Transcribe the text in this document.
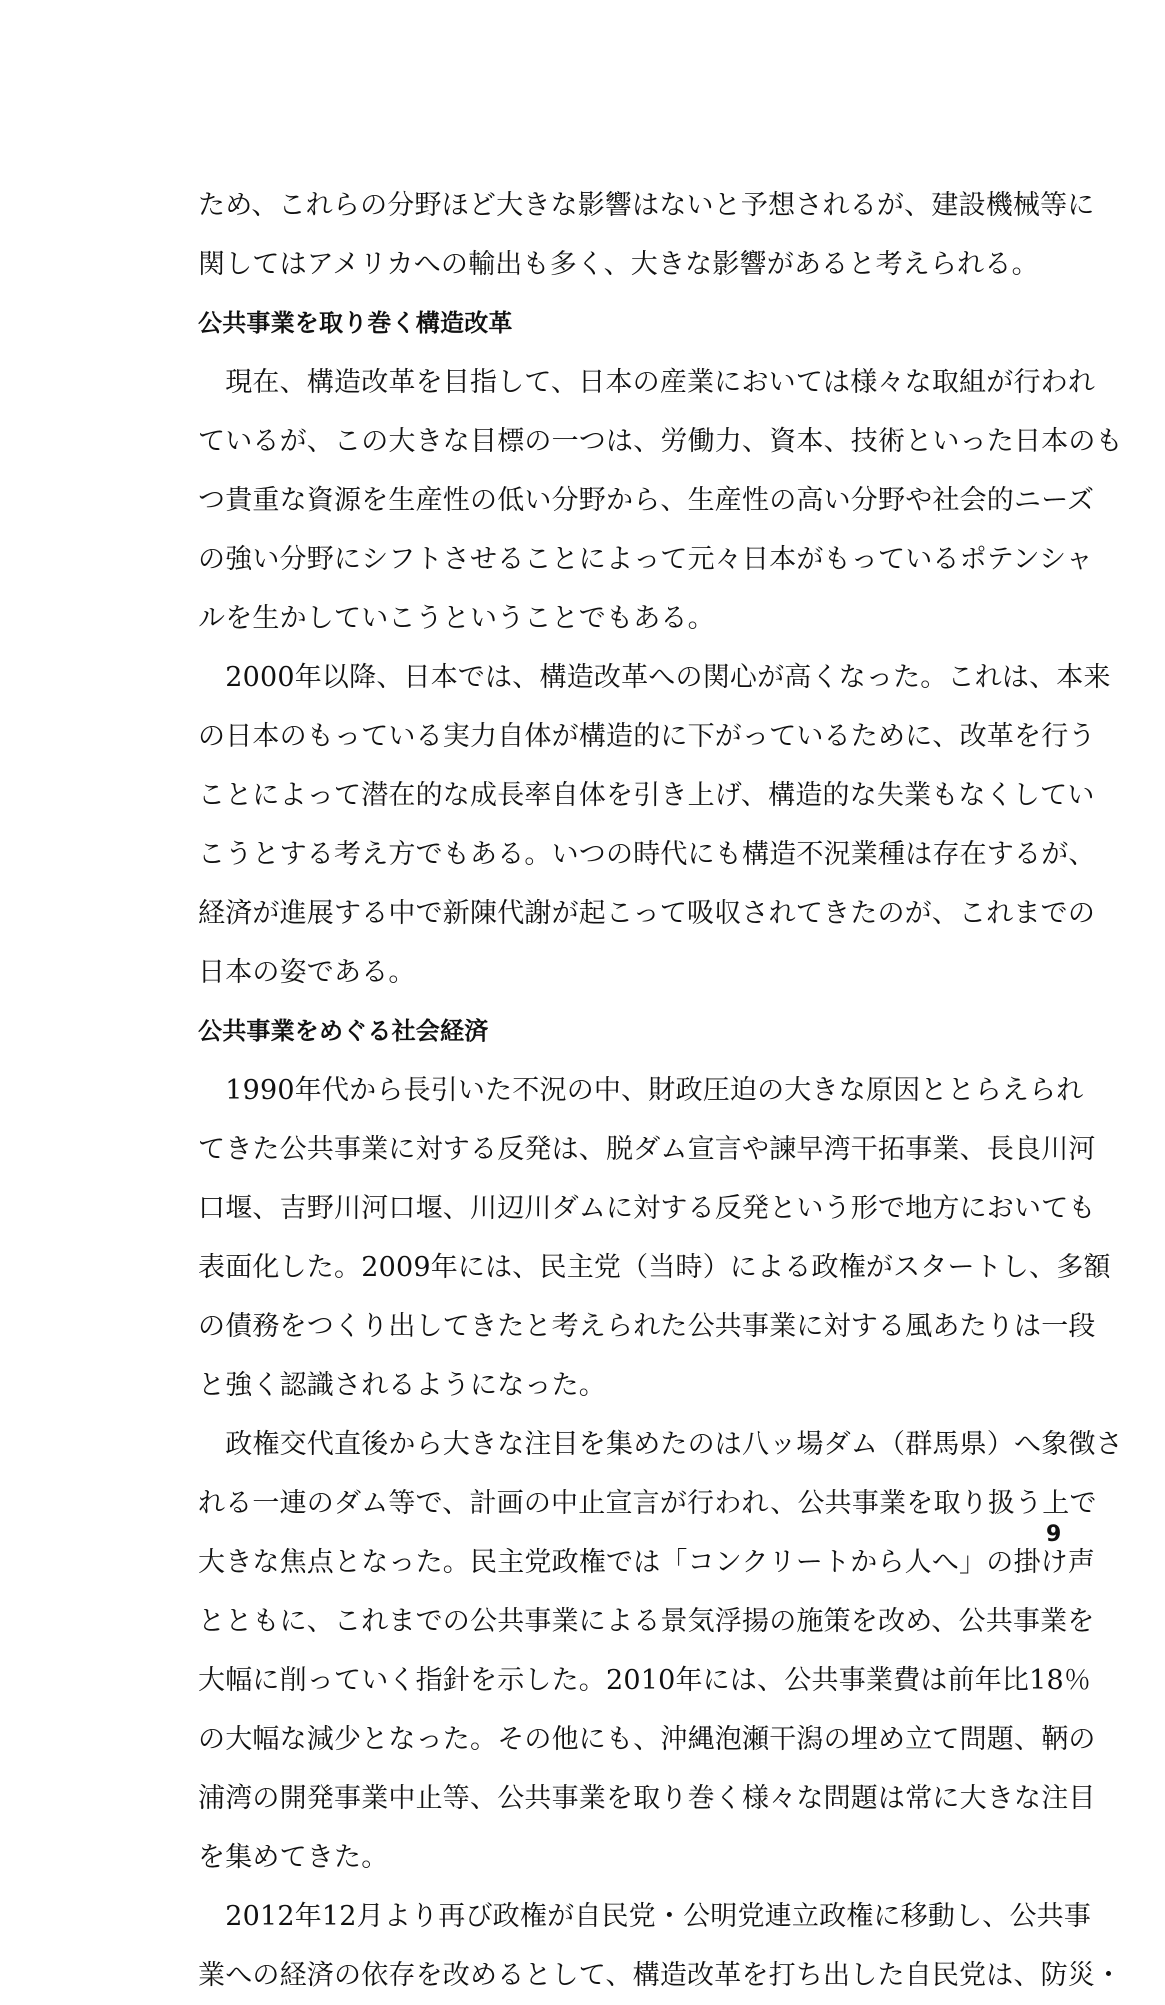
ため、これらの分野ほど大きな影響はないと予想されるが、建設機械等に
関してはアメリカへの輸出も多く、大きな影響があると考えられる。
公共事業を取り巻く構造改革
　現在、構造改革を目指して、日本の産業においては様々な取組が行われ
ているが、この大きな目標の一つは、労働力、資本、技術といった日本のも
つ貴重な資源を生産性の低い分野から、生産性の高い分野や社会的ニーズ
の強い分野にシフトさせることによって元々日本がもっているポテンシャ
ルを生かしていこうということでもある。
　2000年以降、日本では、構造改革への関心が高くなった。これは、本来
の日本のもっている実力自体が構造的に下がっているために、改革を行う
ことによって潜在的な成長率自体を引き上げ、構造的な失業もなくしてい
こうとする考え方でもある。いつの時代にも構造不況業種は存在するが、
経済が進展する中で新陳代謝が起こって吸収されてきたのが、これまでの
日本の姿である。
公共事業をめぐる社会経済
　1990年代から長引いた不況の中、財政圧迫の大きな原因ととらえられ
てきた公共事業に対する反発は、脱ダム宣言や諫早湾干拓事業、長良川河
口堰、吉野川河口堰、川辺川ダムに対する反発という形で地方においても
表面化した。2009年には、民主党（当時）による政権がスタートし、多額
の債務をつくり出してきたと考えられた公共事業に対する風あたりは一段
と強く認識されるようになった。
　政権交代直後から大きな注目を集めたのは八ッ場ダム（群馬県）へ象徴さ
れる一連のダム等で、計画の中止宣言が行われ、公共事業を取り扱う上で
大きな焦点となった。民主党政権では「コンクリートから人へ」の掛け声
とともに、これまでの公共事業による景気浮揚の施策を改め、公共事業を
大幅に削っていく指針を示した。2010年には、公共事業費は前年比18％
の大幅な減少となった。その他にも、沖縄泡瀬干潟の埋め立て問題、鞆の
浦湾の開発事業中止等、公共事業を取り巻く様々な問題は常に大きな注目
を集めてきた。
　2012年12月より再び政権が自民党・公明党連立政権に移動し、公共事
業への経済の依存を改めるとして、構造改革を打ち出した自民党は、防災・
9
